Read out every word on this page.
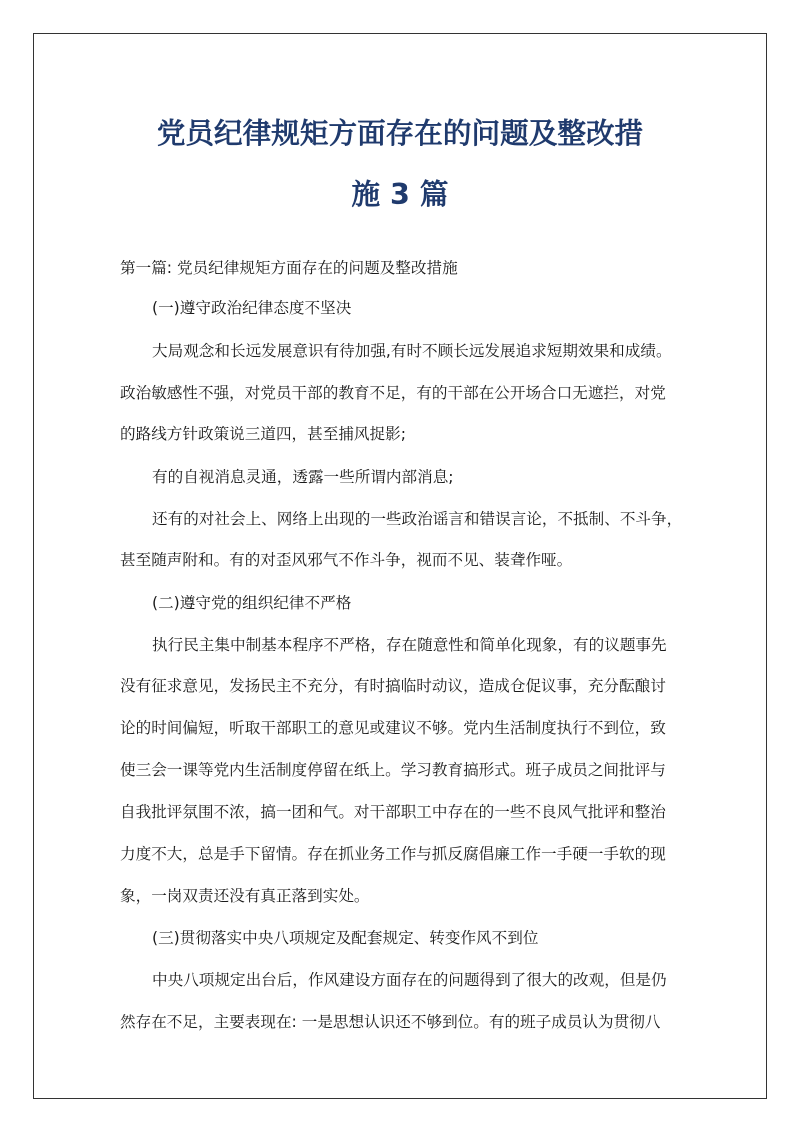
党员纪律规矩方面存在的问题及整改措
施 3 篇

第一篇: 党员纪律规矩方面存在的问题及整改措施

(一)遵守政治纪律态度不坚决

大局观念和长远发展意识有待加强,有时不顾长远发展追求短期效果和成绩。

政治敏感性不强，对党员干部的教育不足，有的干部在公开场合口无遮拦，对党

的路线方针政策说三道四，甚至捕风捉影;

有的自视消息灵通，透露一些所谓内部消息;

还有的对社会上、网络上出现的一些政治谣言和错误言论，不抵制、不斗争，

甚至随声附和。有的对歪风邪气不作斗争，视而不见、装聋作哑。

(二)遵守党的组织纪律不严格

执行民主集中制基本程序不严格，存在随意性和简单化现象，有的议题事先

没有征求意见，发扬民主不充分，有时搞临时动议，造成仓促议事，充分酝酿讨

论的时间偏短，听取干部职工的意见或建议不够。党内生活制度执行不到位，致

使三会一课等党内生活制度停留在纸上。学习教育搞形式。班子成员之间批评与

自我批评氛围不浓，搞一团和气。对干部职工中存在的一些不良风气批评和整治

力度不大，总是手下留情。存在抓业务工作与抓反腐倡廉工作一手硬一手软的现

象，一岗双责还没有真正落到实处。

(三)贯彻落实中央八项规定及配套规定、转变作风不到位

中央八项规定出台后，作风建设方面存在的问题得到了很大的改观，但是仍

然存在不足，主要表现在: 一是思想认识还不够到位。有的班子成员认为贯彻八
